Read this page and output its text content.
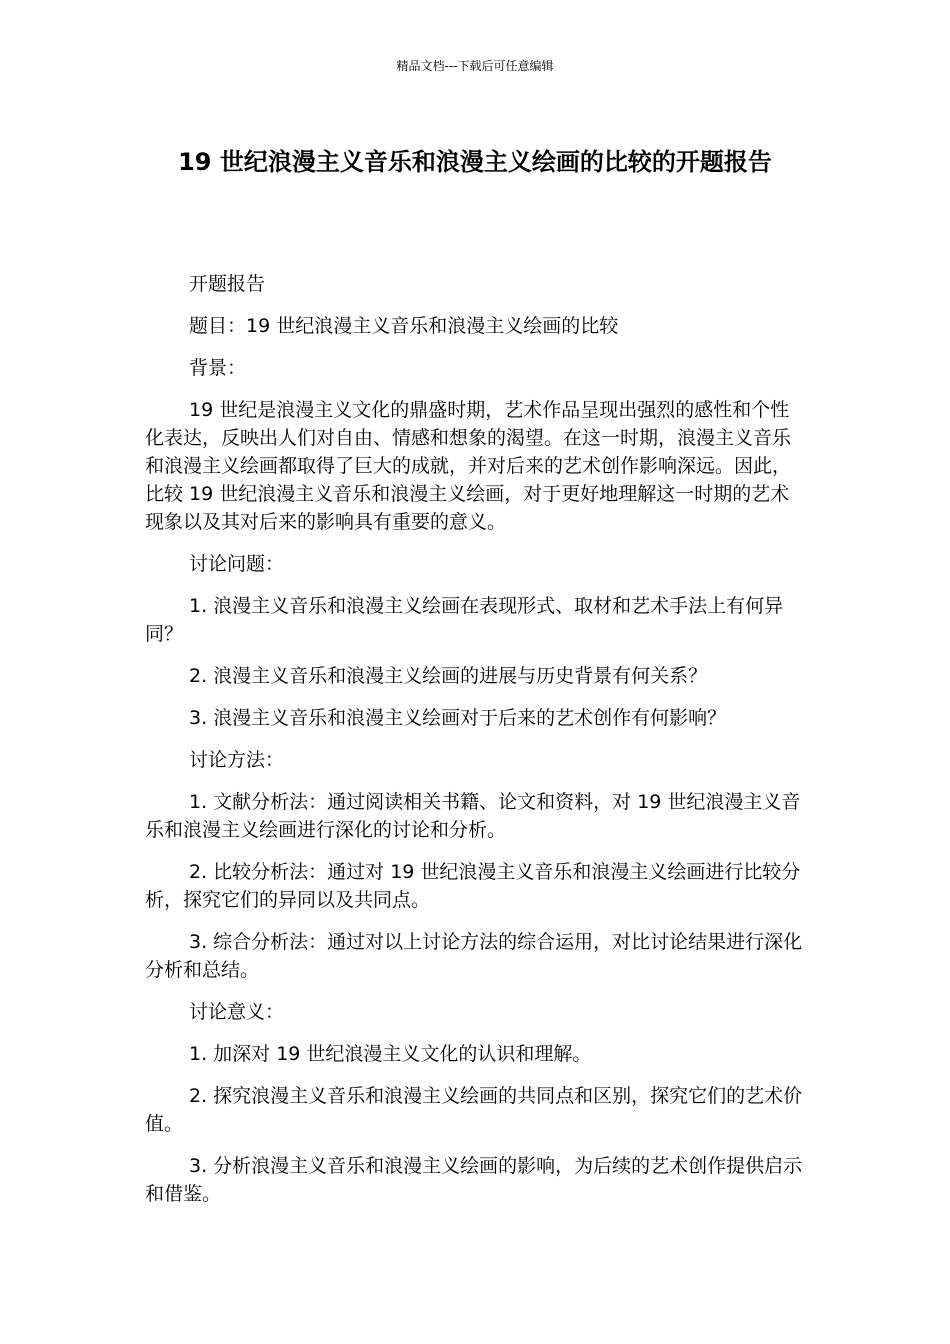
精品文档---下载后可任意编辑
19 世纪浪漫主义音乐和浪漫主义绘画的比较的开题报告

开题报告

题目：19 世纪浪漫主义音乐和浪漫主义绘画的比较

背景：

19 世纪是浪漫主义文化的鼎盛时期，艺术作品呈现出强烈的感性和个性化表达，反映出人们对自由、情感和想象的渴望。在这一时期，浪漫主义音乐和浪漫主义绘画都取得了巨大的成就，并对后来的艺术创作影响深远。因此，比较 19 世纪浪漫主义音乐和浪漫主义绘画，对于更好地理解这一时期的艺术现象以及其对后来的影响具有重要的意义。

讨论问题：

1. 浪漫主义音乐和浪漫主义绘画在表现形式、取材和艺术手法上有何异同？

2. 浪漫主义音乐和浪漫主义绘画的进展与历史背景有何关系？

3. 浪漫主义音乐和浪漫主义绘画对于后来的艺术创作有何影响？

讨论方法：

1. 文献分析法：通过阅读相关书籍、论文和资料，对 19 世纪浪漫主义音乐和浪漫主义绘画进行深化的讨论和分析。

2. 比较分析法：通过对 19 世纪浪漫主义音乐和浪漫主义绘画进行比较分析，探究它们的异同以及共同点。

3. 综合分析法：通过对以上讨论方法的综合运用，对比讨论结果进行深化分析和总结。

讨论意义：

1. 加深对 19 世纪浪漫主义文化的认识和理解。

2. 探究浪漫主义音乐和浪漫主义绘画的共同点和区别，探究它们的艺术价值。

3. 分析浪漫主义音乐和浪漫主义绘画的影响，为后续的艺术创作提供启示和借鉴。
